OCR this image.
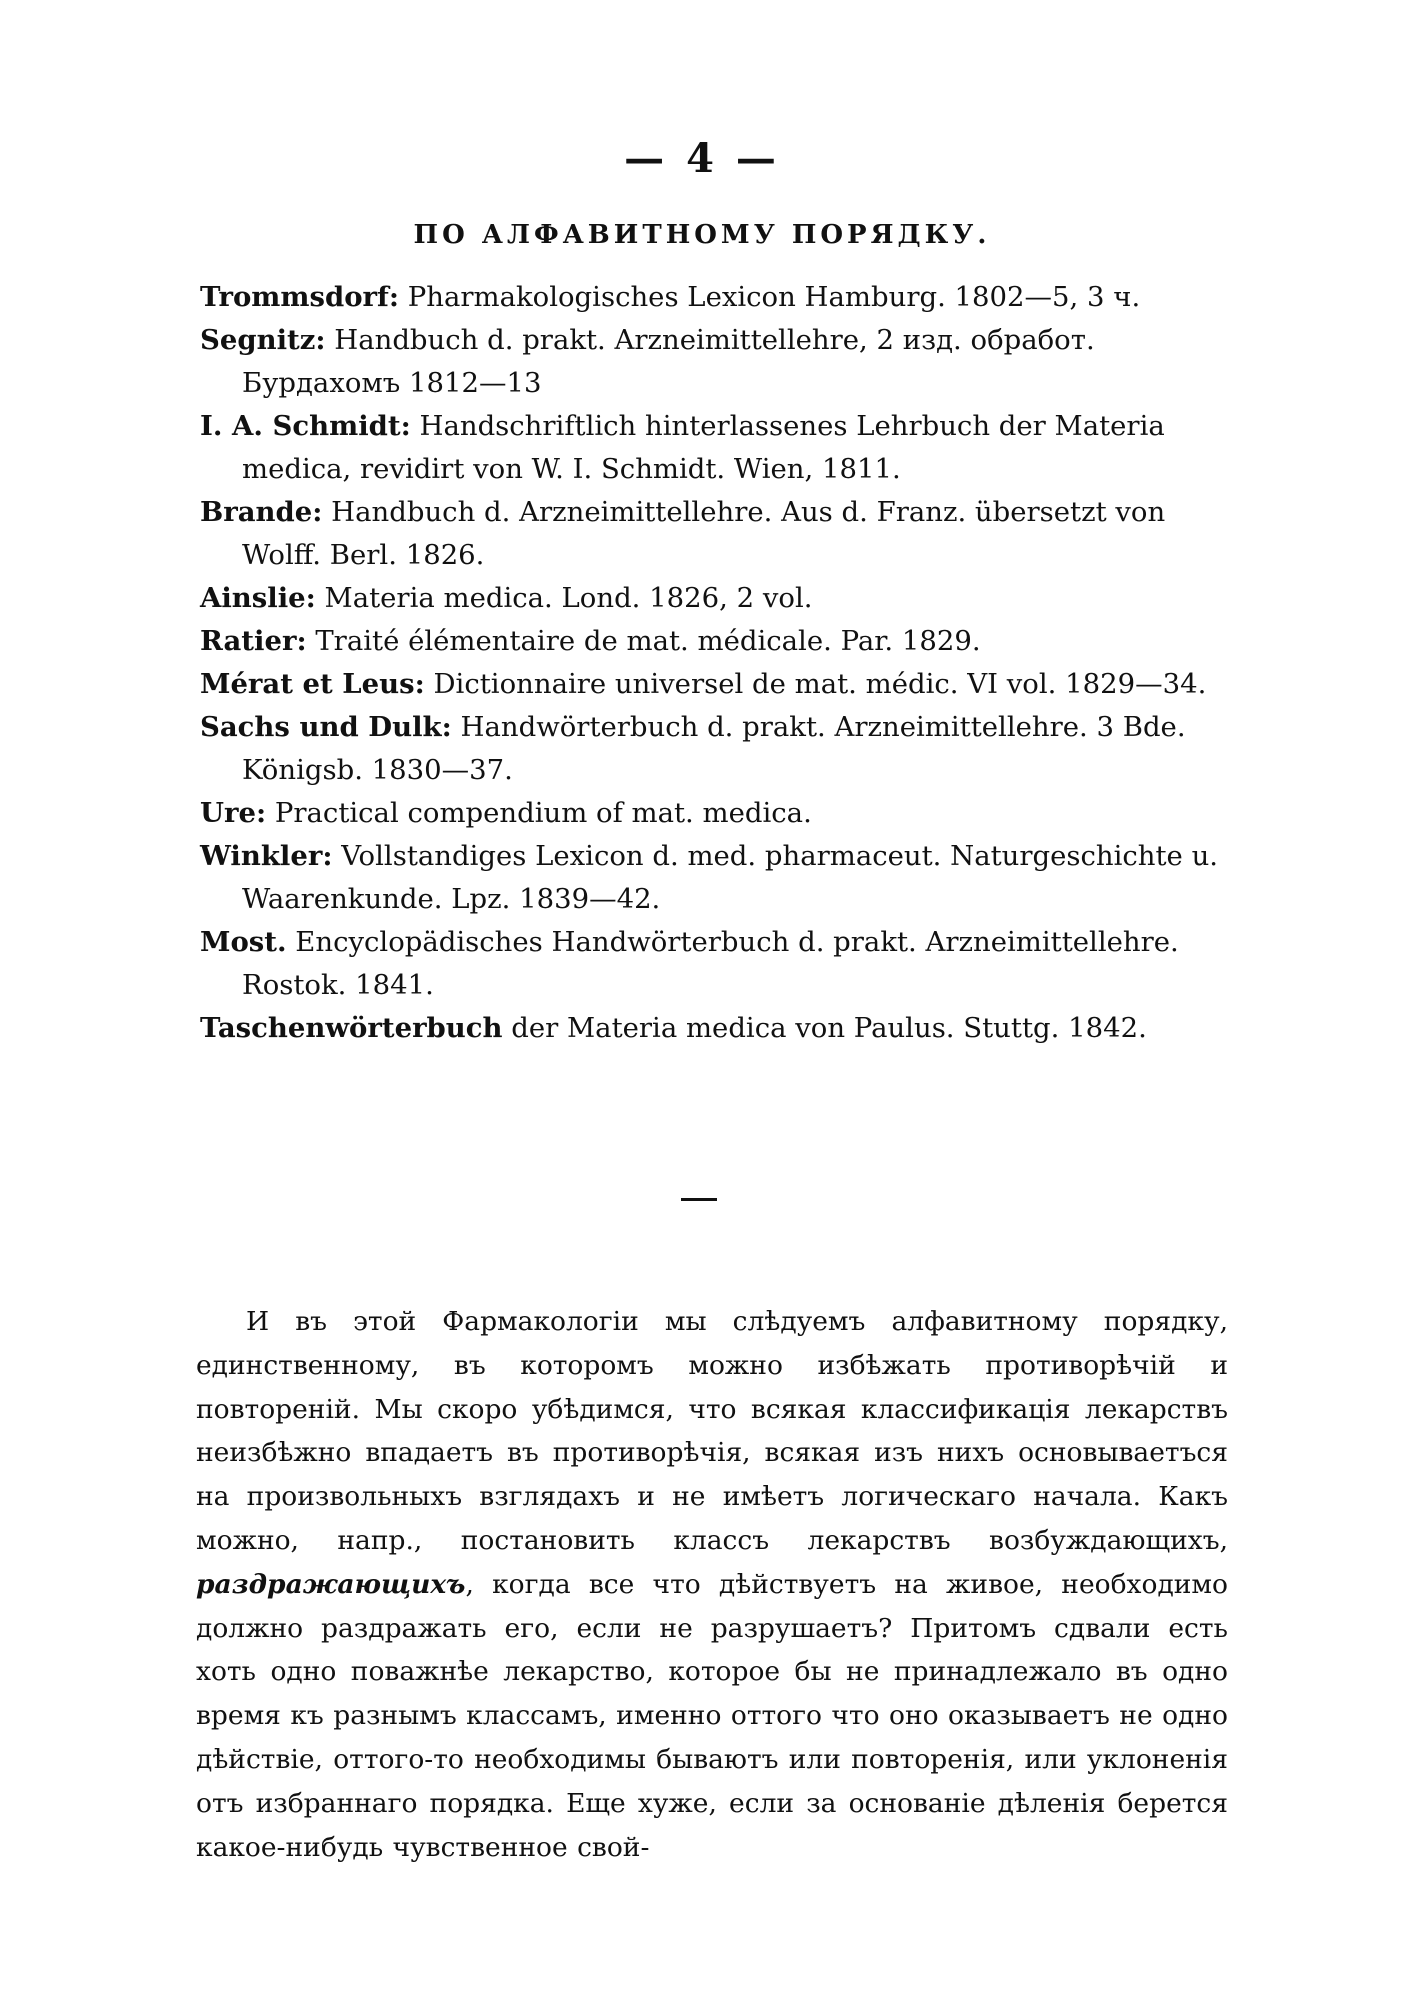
— 4 —
ПО АЛФАВИТНОМУ ПОРЯДКУ.
Trommsdorf: Pharmakologisches Lexicon Hamburg. 1802—5, 3 ч.
Segnitz: Handbuch d. prakt. Arzneimittellehre, 2 изд. обработ. Бурдахомъ 1812—13
I. A. Schmidt: Handschriftlich hinterlassenes Lehrbuch der Materia medica, revidirt von W. I. Schmidt. Wien, 1811.
Brande: Handbuch d. Arzneimittellehre. Aus d. Franz. übersetzt von Wolff. Berl. 1826.
Ainslie: Materia medica. Lond. 1826, 2 vol.
Ratier: Traité élémentaire de mat. médicale. Par. 1829.
Mérat et Leus: Dictionnaire universel de mat. médic. VI vol. 1829—34.
Sachs und Dulk: Handwörterbuch d. prakt. Arzneimittellehre. 3 Bde. Königsb. 1830—37.
Ure: Practical compendium of mat. medica.
Winkler: Vollstandiges Lexicon d. med. pharmaceut. Naturgeschichte u. Waarenkunde. Lpz. 1839—42.
Most. Encyclopädisches Handwörterbuch d. prakt. Arzneimittellehre. Rostok. 1841.
Taschenwörterbuch der Materia medica von Paulus. Stuttg. 1842.

И въ этой Фармакологіи мы слѣдуемъ алфавитному порядку, единственному, въ которомъ можно избѣжать противорѣчій и повтореній. Мы скоро убѣдимся, что всякая классификація лекарствъ неизбѣжно впадаетъ въ противорѣчія, всякая изъ нихъ основываетъся на произвольныхъ взглядахъ и не имѣетъ логическаго начала. Какъ можно, напр., постановить классъ лекарствъ возбуждающихъ, раздражающихъ, когда все что дѣйствуетъ на живое, необходимо должно раздражать его, если не разрушаетъ? Притомъ сдвали есть хоть одно поважнѣе лекарство, которое бы не принадлежало въ одно время къ разнымъ классамъ, именно оттого что оно оказываетъ не одно дѣйствіе, оттого-то необходимы бываютъ или повторенія, или уклоненія отъ избраннаго порядка. Еще хуже, если за основаніе дѣленія берется какое-нибудь чувственное свой-
